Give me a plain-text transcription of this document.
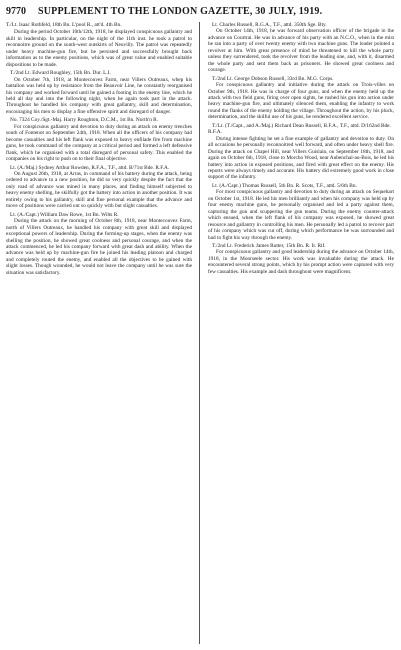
9770 SUPPLEMENT TO THE LONDON GAZETTE, 30 JULY, 1919.
T./Lt. Isaac Rothfeld, 18th Bn. L'pool R., att'd. 4th Bn.
During the period October 10th/12th, 1918, he displayed conspicuous gallantry and skill in leadership. In particular, on the night of the 11th inst. he took a patrol to reconnoitre ground on the south-west outskirts of Neuvilly. The patrol was repeatedly under heavy machine-gun fire, but he persisted and successfully brought back information as to the enemy positions, which was of great value and enabled suitable dispositions to be made.
T./2nd Lt. Edward Roughley, 15th Bn. Dur. L.I.
On October 7th, 1918, at Montecouvez Farm, near Villers Outreaux, whep his battalion was held up by resistance from the Beauvoir Line, he constantly reorganised his company and worked forward until he gained a footing in the enemy line, which he held all day and into the following night, when he again took part in the attack. Throughout he handled his company with great gallantry, skill and determination, encouraging his men to display a fine offensive spirit and disregard of danger.
No. 7324 Coy./Sgt.-Maj. Harry Roughton, D.C.M., 1st Bn. North'n R.
For conspicuous gallantry and devotion to duty during an attack on enemy trenches south of Fontenot on September 24th, 1918. When all the officers of his company had become casualties and his left flank was exposed to heavy enfilade fire from machine guns, he took command of the company at a critical period and formed a left defensive flank, which he organised with a total disregard of personal safety. This enabled the companies on his right to push on to their final objective.
Lt. (A./Maj.) Sydney Arthur Rowden, R.F.A., T.F., attd. B/71st Bde. R.F.A.
On August 26th, 1918, at Arras, in command of his battery during the attack, being ordered to advance to a new position, he did so very quickly despite the fact that the only road of advance was mined in many places, and finding himself subjected to heavy enemy shelling, he skilfully got the battery into action in another position. It was entirely owing to his gallantry, skill and fine personal example that the advance and move of positions were carried out so quickly with but slight casualties.
Lt. (A./Capt.) William Daw Rowe, 1st Bn. Wilts R.
During the attack on the morning of October 8th, 1918, near Montecouvez Farm, north of Villers Outreaux, he handled his company with great skill and displayed exceptional powers of leadership. During the forming-up stages, when the enemy was shelling the position, he showed great coolness and personal courage, and when the attack commenced, he led his company forward with great dash and ability. When the advance was held up by machine-gun fire he joined his leading platoon and charged and completely routed the enemy, and enabled all the objectives to be gained with slight losses. Though wounded, he would not leave the company until he was sure the situation was satisfactory.
Lt. Charles Russell, R.G.A., T.F., attd. 350th Sge. Bty.
On October 14th, 1918, he was forward observation officer of the brigade in the advance on Courtrai. He was in advance of his party with an N.C.O., when in the mist he ran into a party of over twenty enemy with two machine guns. The leader pointed a revolver at him. With great presence of mind he threatened to kill the whole party unless they surrendered, took the revolver from the leading one, and, with it, disarmed the whole party and sent them back as prisoners. He showed great coolness and courage.
T./2nd Lt. George Dobson Russell, 33rd Bn. M.G. Corps.
For conspicuous gallantry and initiative during the attack on Trois-villes on October 9th, 1918. He was in charge of four guns, and when the enemy held up the attack with two field guns, firing over open sights, he rushed his gun into action under heavy machine-gun fire, and ultimately silenced them, enabling the infantry to work round the flanks of the enemy holding the village. Throughout the action, by his pluck, determination, and the skilful use of his guns, he rendered excellent service.
T./Lt. (T./Capt., and A./Maj.) Richard Dean Russell, B.F.A., T.F., attd. D/162nd Bde. R.F.A.
During intense fighting he set a fine example of gallantry and devotion to duty. On all occasions he personally reconnoitred well forward, and often under heavy shell fire. During the attack on Chapel Hill, near Villers Guislain, on September 18th, 1918, and again on October 6th, 1918, close to Morcho Wood, near Aubenchal-au-Bois, he led his battery into action in exposed positions, and fired with great effect on the enemy. His reports were always timely and accurate. His battery did extremely good work in close support of the infantry.
Lt. (A./Capt.) Thomas Russell, 5th Bn. R. Scots, T.F., attd. 5/6th Bn.
For most conspicuous gallantry and devotion to duty during an attack on Sequehart on October 1st, 1918. He led his men brilliantly and when his company was held up by four enemy machine guns, he personally organised and led a party against them, capturing the gun and scuppering the gun teams. During the enemy counter-attack which ensued, when the left flank of his company was exposed, he showed great resource and gallantry in controlling his men. He personally led a patrol to recover part of his company which was cut off, during which performance he was surrounded and had to fight his way through the enemy.
T./2nd Lt. Frederick James Rutter, 15th Bn. R. Ir. Rif.
For conspicuous gallantry and good leadership during the advance on October 14th, 1918, in the Moorseele sector. His work was invaluable during the attack. He encountered several strong points, which by his prompt action were captured with very few casualties. His example and dash throughout were magnificent.
